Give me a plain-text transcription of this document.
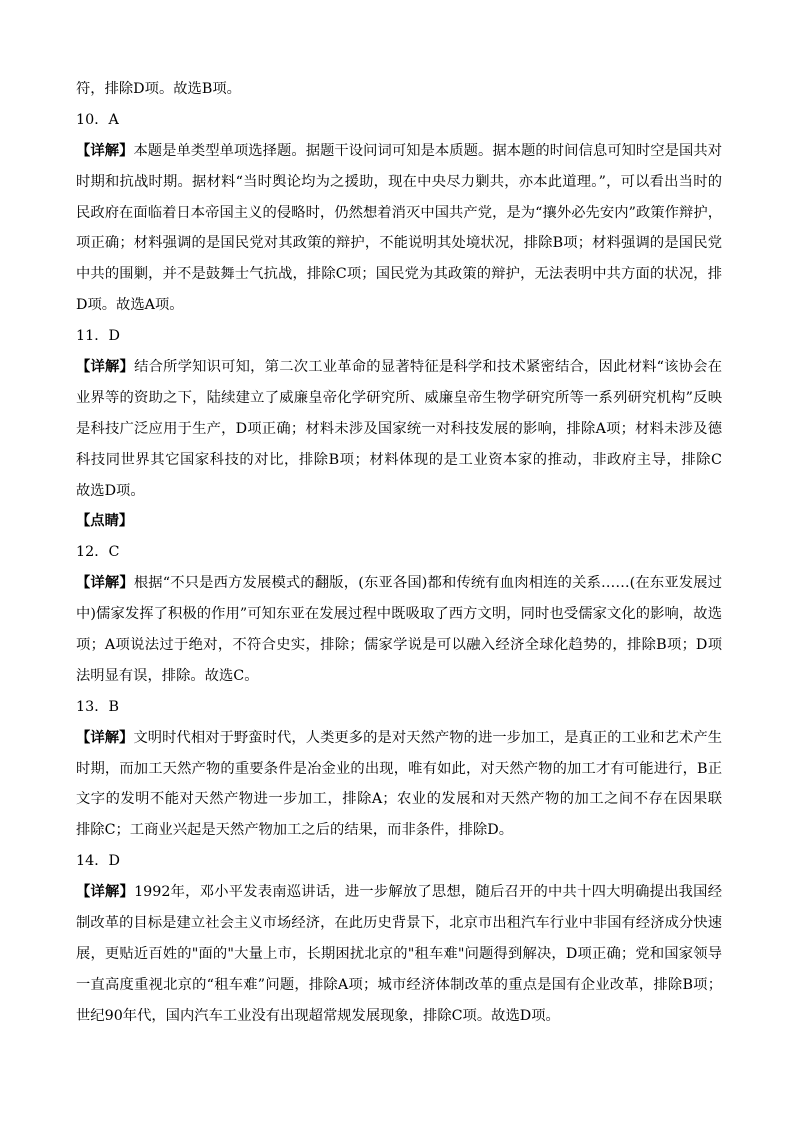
符，排除D项。故选B项。
10．A
【详解】本题是单类型单项选择题。据题干设问词可知是本质题。据本题的时间信息可知时空是国共对
时期和抗战时期。据材料“当时舆论均为之援助，现在中央尽力剿共，亦本此道理。”，可以看出当时的
民政府在面临着日本帝国主义的侵略时，仍然想着消灭中国共产党，是为“攘外必先安内”政策作辩护，
项正确；材料强调的是国民党对其政策的辩护，不能说明其处境状况，排除B项；材料强调的是国民党
中共的围剿，并不是鼓舞士气抗战，排除C项；国民党为其政策的辩护，无法表明中共方面的状况，排
D项。故选A项。
11．D
【详解】结合所学知识可知，第二次工业革命的显著特征是科学和技术紧密结合，因此材料“该协会在
业界等的资助之下，陆续建立了威廉皇帝化学研究所、威廉皇帝生物学研究所等一系列研究机构”反映
是科技广泛应用于生产，D项正确；材料未涉及国家统一对科技发展的影响，排除A项；材料未涉及德
科技同世界其它国家科技的对比，排除B项；材料体现的是工业资本家的推动，非政府主导，排除C
故选D项。
【点睛】
12．C
【详解】根据“不只是西方发展模式的翻版，(东亚各国)都和传统有血肉相连的关系……(在东亚发展过
中)儒家发挥了积极的作用”可知东亚在发展过程中既吸取了西方文明，同时也受儒家文化的影响，故选
项；A项说法过于绝对，不符合史实，排除；儒家学说是可以融入经济全球化趋势的，排除B项；D项
法明显有误，排除。故选C。
13．B
【详解】文明时代相对于野蛮时代，人类更多的是对天然产物的进一步加工，是真正的工业和艺术产生
时期，而加工天然产物的重要条件是冶金业的出现，唯有如此，对天然产物的加工才有可能进行，B正
文字的发明不能对天然产物进一步加工，排除A；农业的发展和对天然产物的加工之间不存在因果联
排除C；工商业兴起是天然产物加工之后的结果，而非条件，排除D。
14．D
【详解】1992年，邓小平发表南巡讲话，进一步解放了思想，随后召开的中共十四大明确提出我国经
制改革的目标是建立社会主义市场经济，在此历史背景下，北京市出租汽车行业中非国有经济成分快速
展，更贴近百姓的"面的"大量上市，长期困扰北京的"租车难"问题得到解决，D项正确；党和国家领导
一直高度重视北京的“租车难”问题，排除A项；城市经济体制改革的重点是国有企业改革，排除B项；
世纪90年代，国内汽车工业没有出现超常规发展现象，排除C项。故选D项。
